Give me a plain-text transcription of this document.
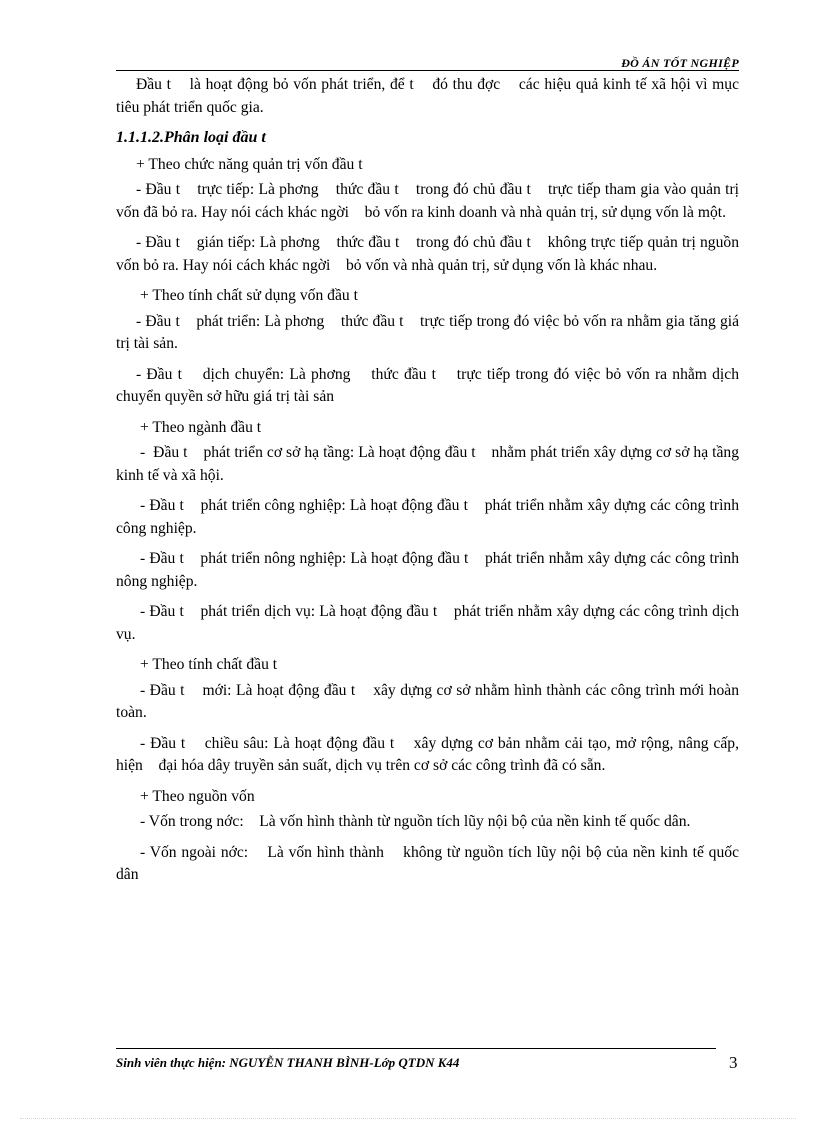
ĐỒ ÁN TỐT NGHIỆP

Đầu t    là hoạt động bỏ vốn phát triển, để t    đó thu đợc    các hiệu quả kinh tế xã hội vì mục tiêu phát triển quốc gia.

1.1.1.2.Phân loại đầu t

+ Theo chức năng quản trị vốn đầu t

- Đầu t    trực tiếp: Là phơng    thức đầu t    trong đó chủ đầu t    trực tiếp tham gia vào quản trị vốn đã bỏ ra. Hay nói cách khác ngời    bỏ vốn ra kinh doanh và nhà quản trị, sử dụng vốn là một.

- Đầu t    gián tiếp: Là phơng    thức đầu t    trong đó chủ đầu t    không trực tiếp quản trị nguồn vốn bỏ ra. Hay nói cách khác ngời    bỏ vốn và nhà quản trị, sử dụng vốn là khác nhau.

+ Theo tính chất sử dụng vốn đầu t

- Đầu t    phát triển: Là phơng    thức đầu t    trực tiếp trong đó việc bỏ vốn ra nhằm gia tăng giá trị tài sản.

- Đầu t    dịch chuyển: Là phơng    thức đầu t    trực tiếp trong đó việc bỏ vốn ra nhằm dịch chuyển quyền sở hữu giá trị tài sản

+ Theo ngành đầu t

-  Đầu t    phát triển cơ sở hạ tầng: Là hoạt động đầu t    nhằm phát triển xây dựng cơ sở hạ tầng kinh tế và xã hội.

- Đầu t    phát triển công nghiệp: Là hoạt động đầu t    phát triển nhằm xây dựng các công trình công nghiệp.

- Đầu t    phát triển nông nghiệp: Là hoạt động đầu t    phát triển nhằm xây dựng các công trình nông nghiệp.

- Đầu t    phát triển dịch vụ: Là hoạt động đầu t    phát triển nhằm xây dựng các công trình dịch vụ.

+ Theo tính chất đầu t

- Đầu t    mới: Là hoạt động đầu t    xây dựng cơ sở nhằm hình thành các công trình mới hoàn toàn.

- Đầu t    chiều sâu: Là hoạt động đầu t    xây dựng cơ bản nhằm cải tạo, mở rộng, nâng cấp, hiện    đại hóa dây truyền sản suất, dịch vụ trên cơ sở các công trình đã có sẵn.

+ Theo nguồn vốn

- Vốn trong nớc:    Là vốn hình thành từ nguồn tích lũy nội bộ của nền kinh tế quốc dân.

- Vốn ngoài nớc:    Là vốn hình thành    không từ nguồn tích lũy nội bộ của nền kinh tế quốc dân

Sinh viên thực hiện: NGUYỄN THANH BÌNH-Lớp QTDN K44	3
